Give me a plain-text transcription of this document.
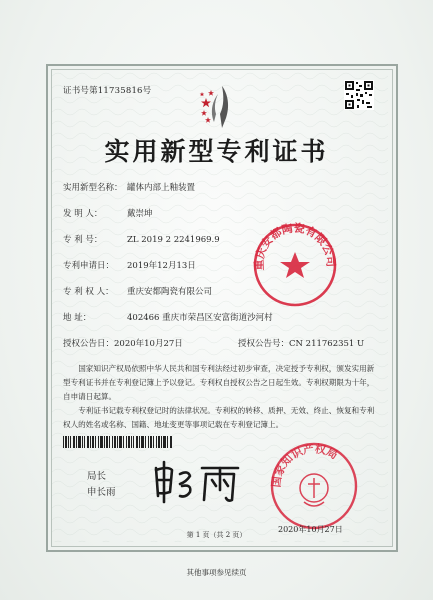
证书号第11735816号
实用新型专利证书
实用新型名称： 罐体内部上釉装置
发 明 人：	戴崇坤
专 利 号：	ZL 2019 2 2241969.9
专利申请日： 2019年12月13日
专 利 权 人： 重庆安都陶瓷有限公司
地 址：	402466 重庆市荣昌区安富街道沙河村
授权公告日：2020年10月27日	授权公告号：CN 211762351 U
国家知识产权局依照中华人民共和国专利法经过初步审查，决定授予专利权，颁发实用新型专利证书并在专利登记簿上予以登记。专利权自授权公告之日起生效。专利权期限为十年，自申请日起算。
专利证书记载专利权登记时的法律状况。专利权的转移、质押、无效、终止、恢复和专利权人的姓名或名称、国籍、地址变更等事项记载在专利登记簿上。
局长
申长雨
重庆安都陶瓷有限公司
国家知识产权局
2020年10月27日
第 1 页（共 2 页）
其他事项参见续页
